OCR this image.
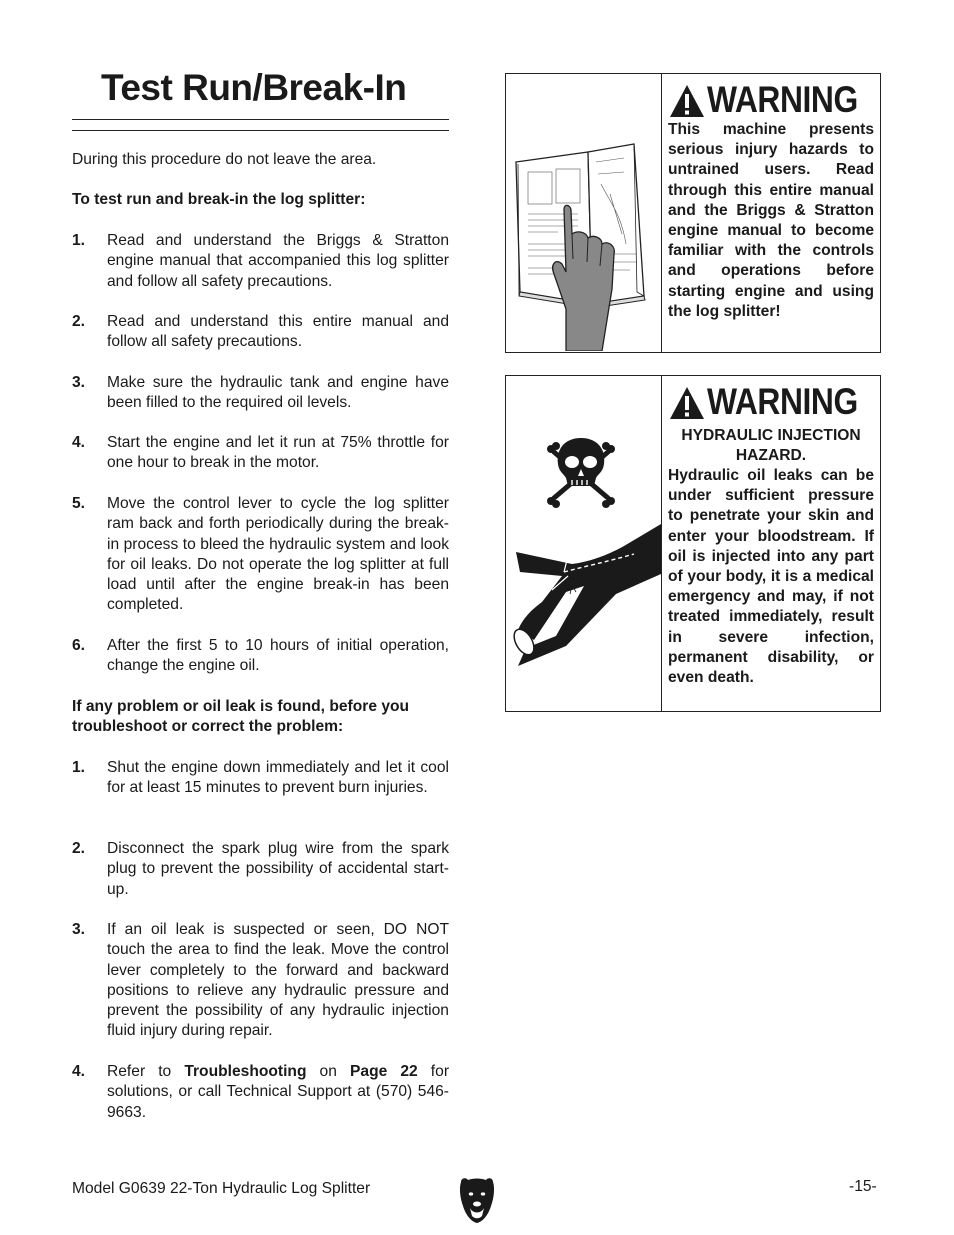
Test Run/Break-In

During this procedure do not leave the area.

To test run and break-in the log splitter:

1. Read and understand the Briggs & Stratton engine manual that accompanied this log splitter and follow all safety precautions.
2. Read and understand this entire manual and follow all safety precautions.
3. Make sure the hydraulic tank and engine have been filled to the required oil levels.
4. Start the engine and let it run at 75% throttle for one hour to break in the motor.
5. Move the control lever to cycle the log splitter ram back and forth periodically during the break-in process to bleed the hydraulic system and look for oil leaks. Do not operate the log splitter at full load until after the engine break-in has been completed.
6. After the first 5 to 10 hours of initial operation, change the engine oil.

If any problem or oil leak is found, before you troubleshoot or correct the problem:

1. Shut the engine down immediately and let it cool for at least 15 minutes to prevent burn injuries.
2. Disconnect the spark plug wire from the spark plug to prevent the possibility of accidental start-up.
3. If an oil leak is suspected or seen, DO NOT touch the area to find the leak. Move the control lever completely to the forward and backward positions to relieve any hydraulic pressure and prevent the possibility of any hydraulic injection fluid injury during repair.
4. Refer to Troubleshooting on Page 22 for solutions, or call Technical Support at (570) 546-9663.
WARNING
This machine presents serious injury hazards to untrained users. Read through this entire manual and the Briggs & Stratton engine manual to become familiar with the controls and operations before starting engine and using the log splitter!
WARNING
HYDRAULIC INJECTION HAZARD.
Hydraulic oil leaks can be under sufficient pressure to penetrate your skin and enter your bloodstream. If oil is injected into any part of your body, it is a medical emergency and may, if not treated immediately, result in severe infection, permanent disability, or even death.
Model G0639 22-Ton Hydraulic Log Splitter	-15-
